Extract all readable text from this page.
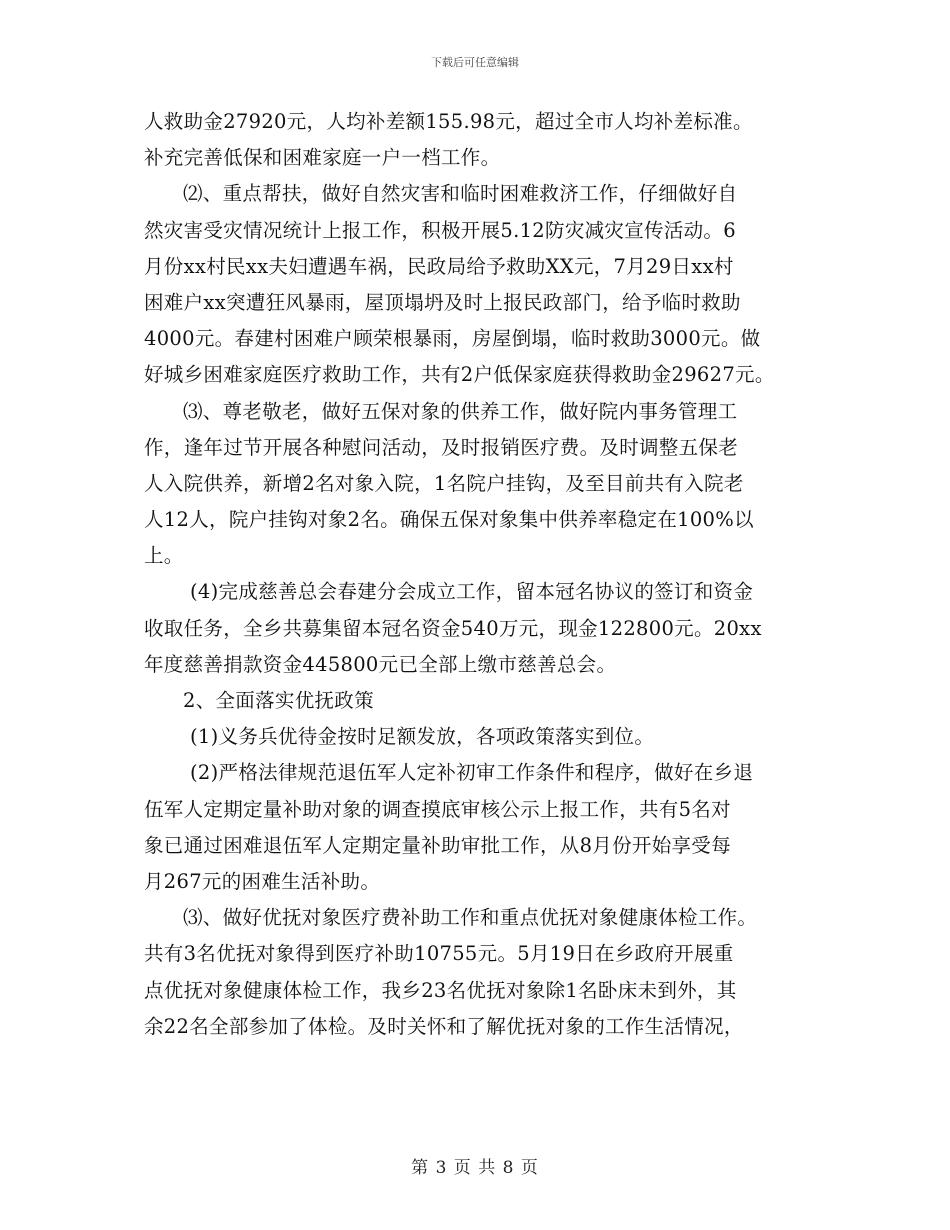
下载后可任意编辑
人救助金27920元，人均补差额155.98元，超过全市人均补差标准。
补充完善低保和困难家庭一户一档工作。
⑵、重点帮扶，做好自然灾害和临时困难救济工作，仔细做好自
然灾害受灾情况统计上报工作，积极开展5.12防灾减灾宣传活动。6
月份xx村民xx夫妇遭遇车祸，民政局给予救助XX元，7月29日xx村
困难户xx突遭狂风暴雨，屋顶塌坍及时上报民政部门，给予临时救助
4000元。春建村困难户顾荣根暴雨，房屋倒塌，临时救助3000元。做
好城乡困难家庭医疗救助工作，共有2户低保家庭获得救助金29627元。
⑶、尊老敬老，做好五保对象的供养工作，做好院内事务管理工
作，逢年过节开展各种慰问活动，及时报销医疗费。及时调整五保老
人入院供养，新增2名对象入院，1名院户挂钩，及至目前共有入院老
人12人，院户挂钩对象2名。确保五保对象集中供养率稳定在100%以
上。
(4)完成慈善总会春建分会成立工作，留本冠名协议的签订和资金
收取任务，全乡共募集留本冠名资金540万元，现金122800元。20xx
年度慈善捐款资金445800元已全部上缴市慈善总会。
2、全面落实优抚政策
(1)义务兵优待金按时足额发放，各项政策落实到位。
(2)严格法律规范退伍军人定补初审工作条件和程序，做好在乡退
伍军人定期定量补助对象的调查摸底审核公示上报工作，共有5名对
象已通过困难退伍军人定期定量补助审批工作，从8月份开始享受每
月267元的困难生活补助。
⑶、做好优抚对象医疗费补助工作和重点优抚对象健康体检工作。
共有3名优抚对象得到医疗补助10755元。5月19日在乡政府开展重
点优抚对象健康体检工作，我乡23名优抚对象除1名卧床未到外，其
余22名全部参加了体检。及时关怀和了解优抚对象的工作生活情况，
第 3 页 共 8 页
